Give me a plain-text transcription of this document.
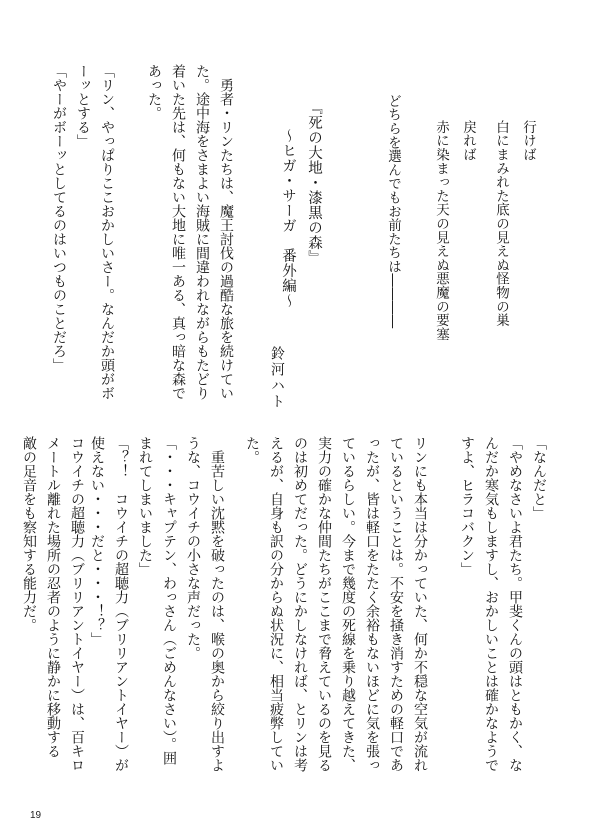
行けば
白にまみれた底の見えぬ怪物の巣
戻れば
赤に染まった天の見えぬ悪魔の要塞
どちらを選んでもお前たちは――――
『死の大地・漆黒の森』
～ヒガ・サーガ　番外編～
鈴河ハト
　勇者・リンたちは、魔王討伐の過酷な旅を続けてい
た。途中海をさまよい海賊に間違われながらもたどり
着いた先は、何もない大地に唯一ある、真っ暗な森で
あった。
「リン、やっぱりここおかしいさー。なんだか頭がボ
ーッとする」
「やーがボーッとしてるのはいつものことだろ」
「なんだと」
「やめなさいよ君たち。甲斐くんの頭はともかく、な
んだか寒気もしますし、おかしいことは確かなようで
すよ、ヒラコバクン」
リンにも本当は分かっていた、何か不穏な空気が流れ
ているということは。不安を掻き消すための軽口であ
ったが、皆は軽口をたたく余裕もないほどに気を張っ
ているらしい。今まで幾度の死線を乗り越えてきた、
実力の確かな仲間たちがここまで脅えているのを見る
のは初めてだった。どうにかしなければ、とリンは考
えるが、自身も訳の分からぬ状況に、相当疲弊してい
た。
　重苦しい沈黙を破ったのは、喉の奥から絞り出すよ
うな、コウイチの小さな声だった。
「・・・キャプテン、わっさん（ごめんなさい）。囲
まれてしまいました」
「？！　コウイチの超聴力（ブリリアントイヤー）が
使えない・・・だと・・・！？」
コウイチの超聴力（ブリリアントイヤー）は、百キロ
メートル離れた場所の忍者のように静かに移動する
敵の足音をも察知する能力だ。
19
